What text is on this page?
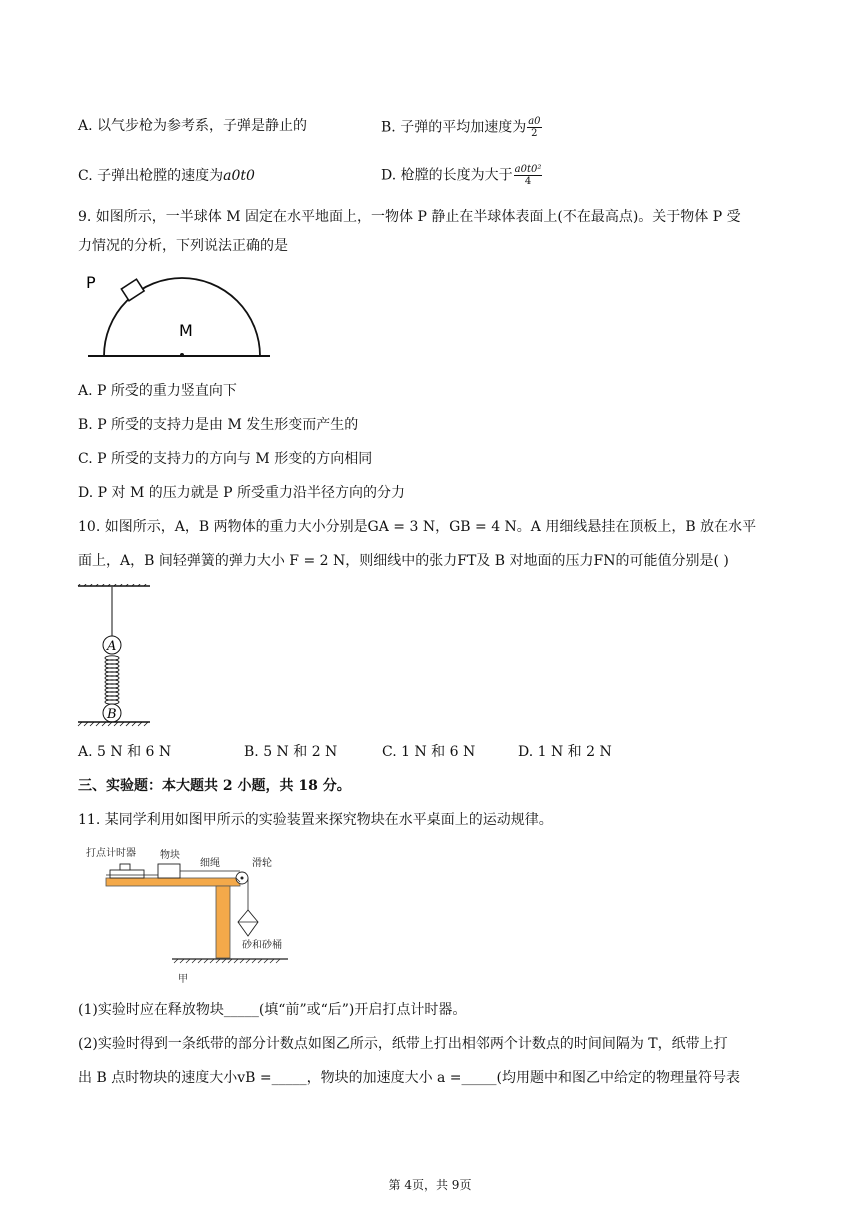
A. 以气步枪为参考系，子弹是静止的	B. 子弹的平均加速度为 $\frac{a0}{2}$
C. 子弹出枪膛的速度为a0t0	D. 枪膛的长度为大于 $\frac{\text{a0t0²}}{4}$
9. 如图所示，一半球体 M 固定在水平地面上，一物体 P 静止在半球体表面上(不在最高点)。关于物体 P 受
力情况的分析，下列说法正确的是
P
M
A. P 所受的重力竖直向下
B. P 所受的支持力是由 M 发生形变而产生的
C. P 所受的支持力的方向与 M 形变的方向相同
D. P 对 M 的压力就是 P 所受重力沿半径方向的分力
10. 如图所示，A，B 两物体的重力大小分别是GA = 3 N，GB = 4 N。A 用细线悬挂在顶板上，B 放在水平
面上，A，B 间轻弹簧的弹力大小 F = 2 N，则细线中的张力FT及 B 对地面的压力FN的可能值分别是( )
A
B
A. 5 N 和 6 N	B. 5 N 和 2 N	C. 1 N 和 6 N	D. 1 N 和 2 N
三、实验题：本大题共 2 小题，共 18 分。
11. 某同学利用如图甲所示的实验装置来探究物块在水平桌面上的运动规律。
打点计时器 物块
细绳	滑轮
砂和砂桶
甲
(1)实验时应在释放物块_____(填“前”或“后”)开启打点计时器。
(2)实验时得到一条纸带的部分计数点如图乙所示，纸带上打出相邻两个计数点的时间间隔为 T，纸带上打
出 B 点时物块的速度大小vB =_____，物块的加速度大小 a =_____(均用题中和图乙中给定的物理量符号表
第 4页，共 9页
